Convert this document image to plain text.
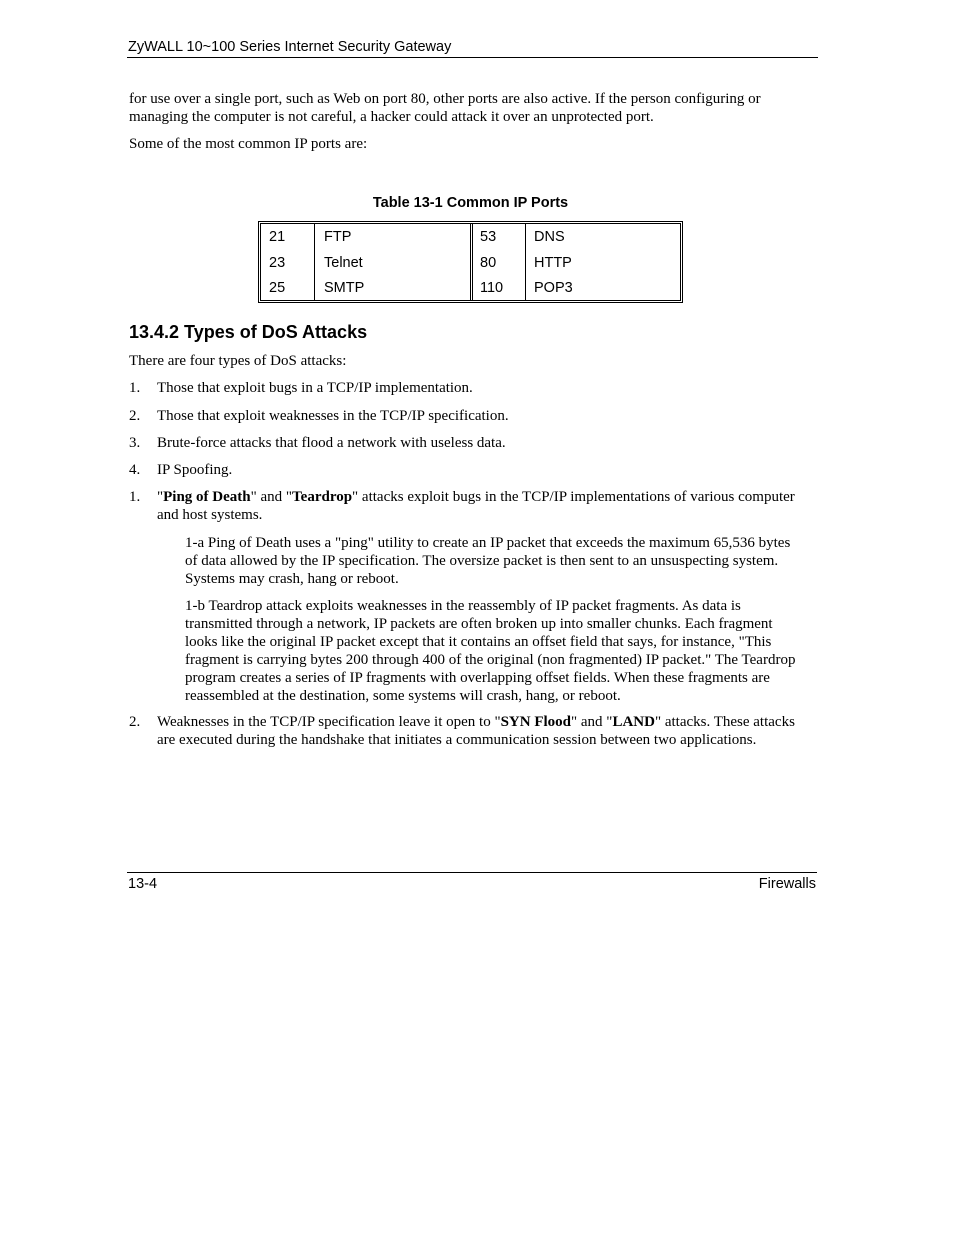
ZyWALL 10~100 Series Internet Security Gateway

for use over a single port, such as Web on port 80, other ports are also active. If the person configuring or managing the computer is not careful, a hacker could attack it over an unprotected port.

Some of the most common IP ports are:

Table 13-1 Common IP Ports
21	FTP	53	DNS
23	Telnet	80	HTTP
25	SMTP	110 POP3
13.4.2 Types of DoS Attacks

There are four types of DoS attacks:

1. Those that exploit bugs in a TCP/IP implementation.
2. Those that exploit weaknesses in the TCP/IP specification.
3. Brute-force attacks that flood a network with useless data.
4. IP Spoofing.
1. "Ping of Death" and "Teardrop" attacks exploit bugs in the TCP/IP implementations of various computer and host systems.

1-a Ping of Death uses a "ping" utility to create an IP packet that exceeds the maximum 65,536 bytes of data allowed by the IP specification. The oversize packet is then sent to an unsuspecting system. Systems may crash, hang or reboot.

1-b Teardrop attack exploits weaknesses in the reassembly of IP packet fragments. As data is transmitted through a network, IP packets are often broken up into smaller chunks. Each fragment looks like the original IP packet except that it contains an offset field that says, for instance, "This fragment is carrying bytes 200 through 400 of the original (non fragmented) IP packet." The Teardrop program creates a series of IP fragments with overlapping offset fields. When these fragments are reassembled at the destination, some systems will crash, hang, or reboot.

2. Weaknesses in the TCP/IP specification leave it open to "SYN Flood" and "LAND" attacks. These attacks are executed during the handshake that initiates a communication session between two applications.
13-4	Firewalls
